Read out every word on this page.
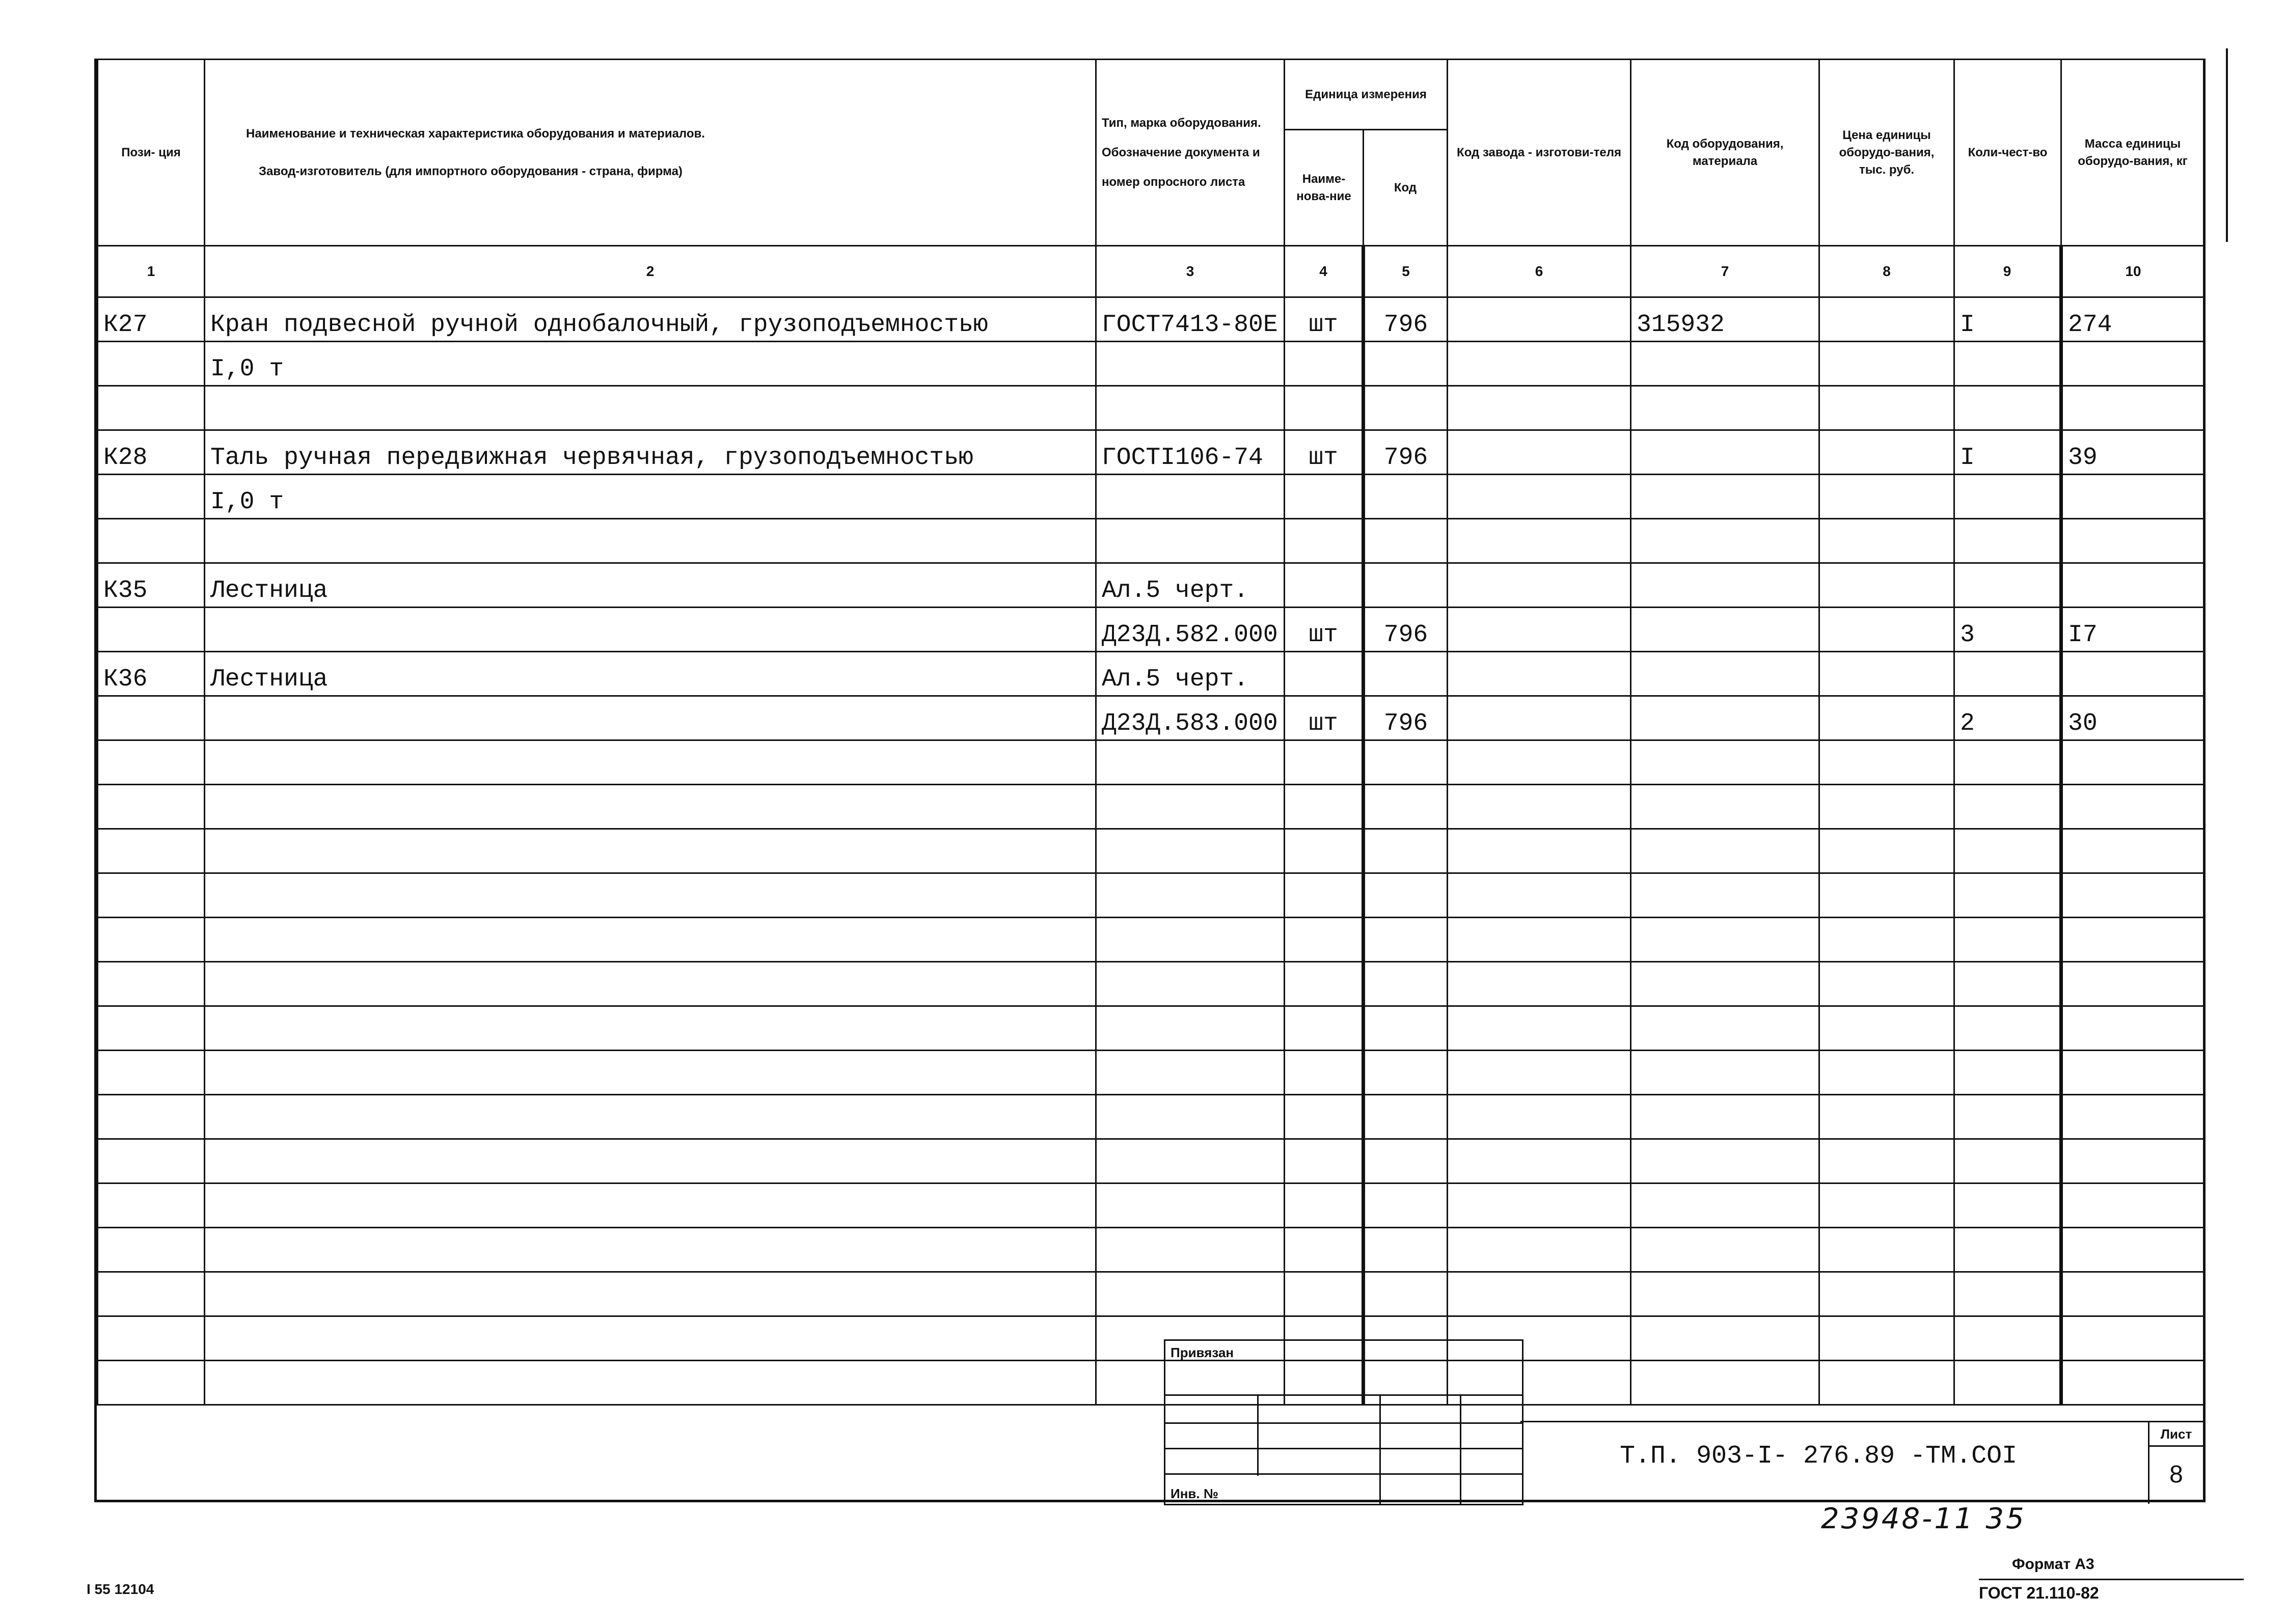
Пози- ция	Наименование и техническая характеристика оборудования и материалов.
Завод-изготовитель (для импортного оборудования - страна, фирма)	Тип, марка оборудования. Обозначение документа и номер опросного листа	Единица измерения		Код завода - изготови-теля	Код оборудования, материала	Цена единицы оборудо-вания, тыс. руб.	Коли-чест-во	Масса единицы оборудо-вания, кг
			Наиме-нова-ние	Код					
1	2	3	4	5	6	7	8	9	10
К27	Кран подвесной ручной однобалочный, грузоподъемностью	ГОСТ7413-80Е	шт	796		315932		I	274
	I,0 т								

К28	Таль ручная передвижная червячная, грузоподъемностью	ГОСТI106-74	шт	796				I	39
	I,0 т								

К35	Лестница	Ал.5 черт.							
		Д23Д.582.000	шт	796				3	I7
К36	Лестница	Ал.5 черт.							
		Д23Д.583.000	шт	796				2	30

Привязан
Инв. №
Т.П. 903-I- 276.89 -ТМ.СОI
Лист
8
23948-11 35
Формат А3
ГОСТ 21.110-82
I 55 12104
